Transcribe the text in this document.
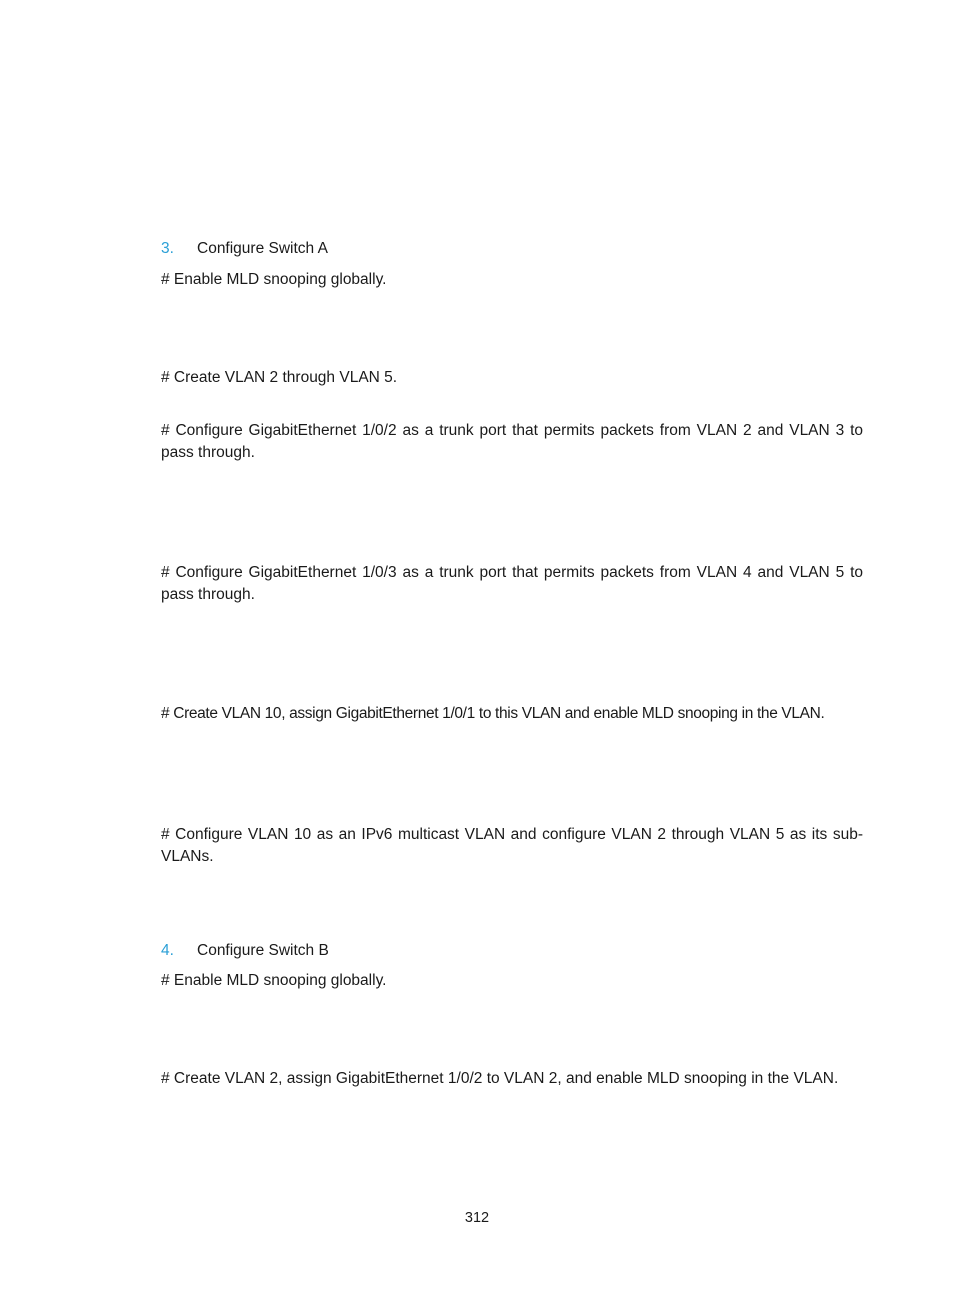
3. Configure Switch A
# Enable MLD snooping globally.
# Create VLAN 2 through VLAN 5.
# Configure GigabitEthernet 1/0/2 as a trunk port that permits packets from VLAN 2 and VLAN 3 to pass through.
# Configure GigabitEthernet 1/0/3 as a trunk port that permits packets from VLAN 4 and VLAN 5 to pass through.
# Create VLAN 10, assign GigabitEthernet 1/0/1 to this VLAN and enable MLD snooping in the VLAN.
# Configure VLAN 10 as an IPv6 multicast VLAN and configure VLAN 2 through VLAN 5 as its sub-VLANs.
4. Configure Switch B
# Enable MLD snooping globally.
# Create VLAN 2, assign GigabitEthernet 1/0/2 to VLAN 2, and enable MLD snooping in the VLAN.
312
